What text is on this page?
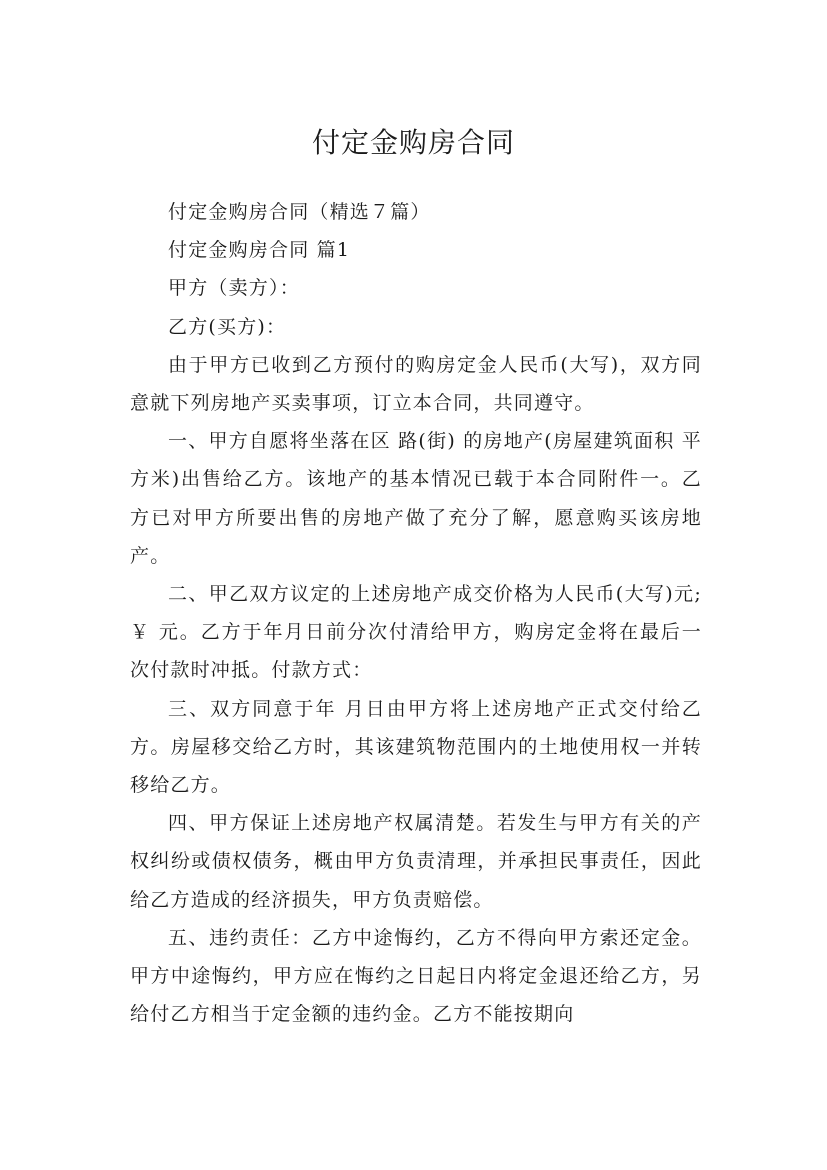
付定金购房合同

付定金购房合同（精选７篇）

付定金购房合同 篇1

甲方（卖方）：

乙方(买方)：

由于甲方已收到乙方预付的购房定金人民币(大写)，双方同意就下列房地产买卖事项，订立本合同，共同遵守。

一、甲方自愿将坐落在区 路(街) 的房地产(房屋建筑面积 平方米)出售给乙方。该地产的基本情况已载于本合同附件一。乙方已对甲方所要出售的房地产做了充分了解，愿意购买该房地产。

二、甲乙双方议定的上述房地产成交价格为人民币(大写)元;￥ 元。乙方于年月日前分次付清给甲方，购房定金将在最后一次付款时冲抵。付款方式：

三、双方同意于年 月日由甲方将上述房地产正式交付给乙方。房屋移交给乙方时，其该建筑物范围内的土地使用权一并转移给乙方。

四、甲方保证上述房地产权属清楚。若发生与甲方有关的产权纠纷或债权债务，概由甲方负责清理，并承担民事责任，因此给乙方造成的经济损失，甲方负责赔偿。

五、违约责任：乙方中途悔约，乙方不得向甲方索还定金。甲方中途悔约，甲方应在悔约之日起日内将定金退还给乙方，另给付乙方相当于定金额的违约金。乙方不能按期向
